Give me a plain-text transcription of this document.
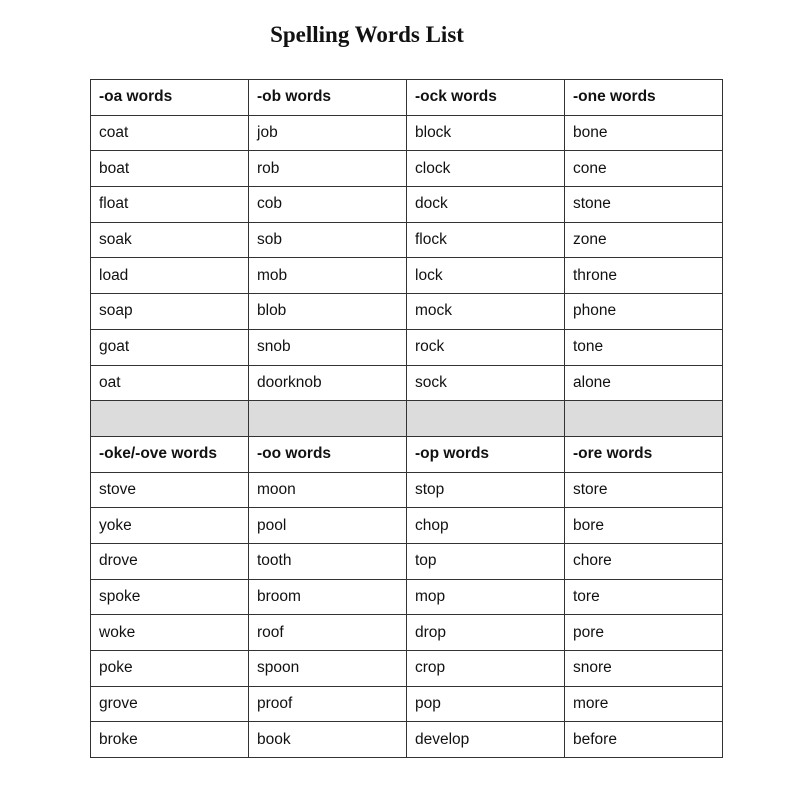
Spelling Words List
-oa words	-ob words	-ock words	-one words
coat	job	block	bone
boat	rob	clock	cone
float	cob	dock	stone
soak	sob	flock	zone
load	mob	lock	throne
soap	blob	mock	phone
goat	snob	rock	tone
oat	doorknob	sock	alone

-oke/-ove words	-oo words	-op words	-ore words
stove	moon	stop	store
yoke	pool	chop	bore
drove	tooth	top	chore
spoke	broom	mop	tore
woke	roof	drop	pore
poke	spoon	crop	snore
grove	proof	pop	more
broke	book	develop	before
